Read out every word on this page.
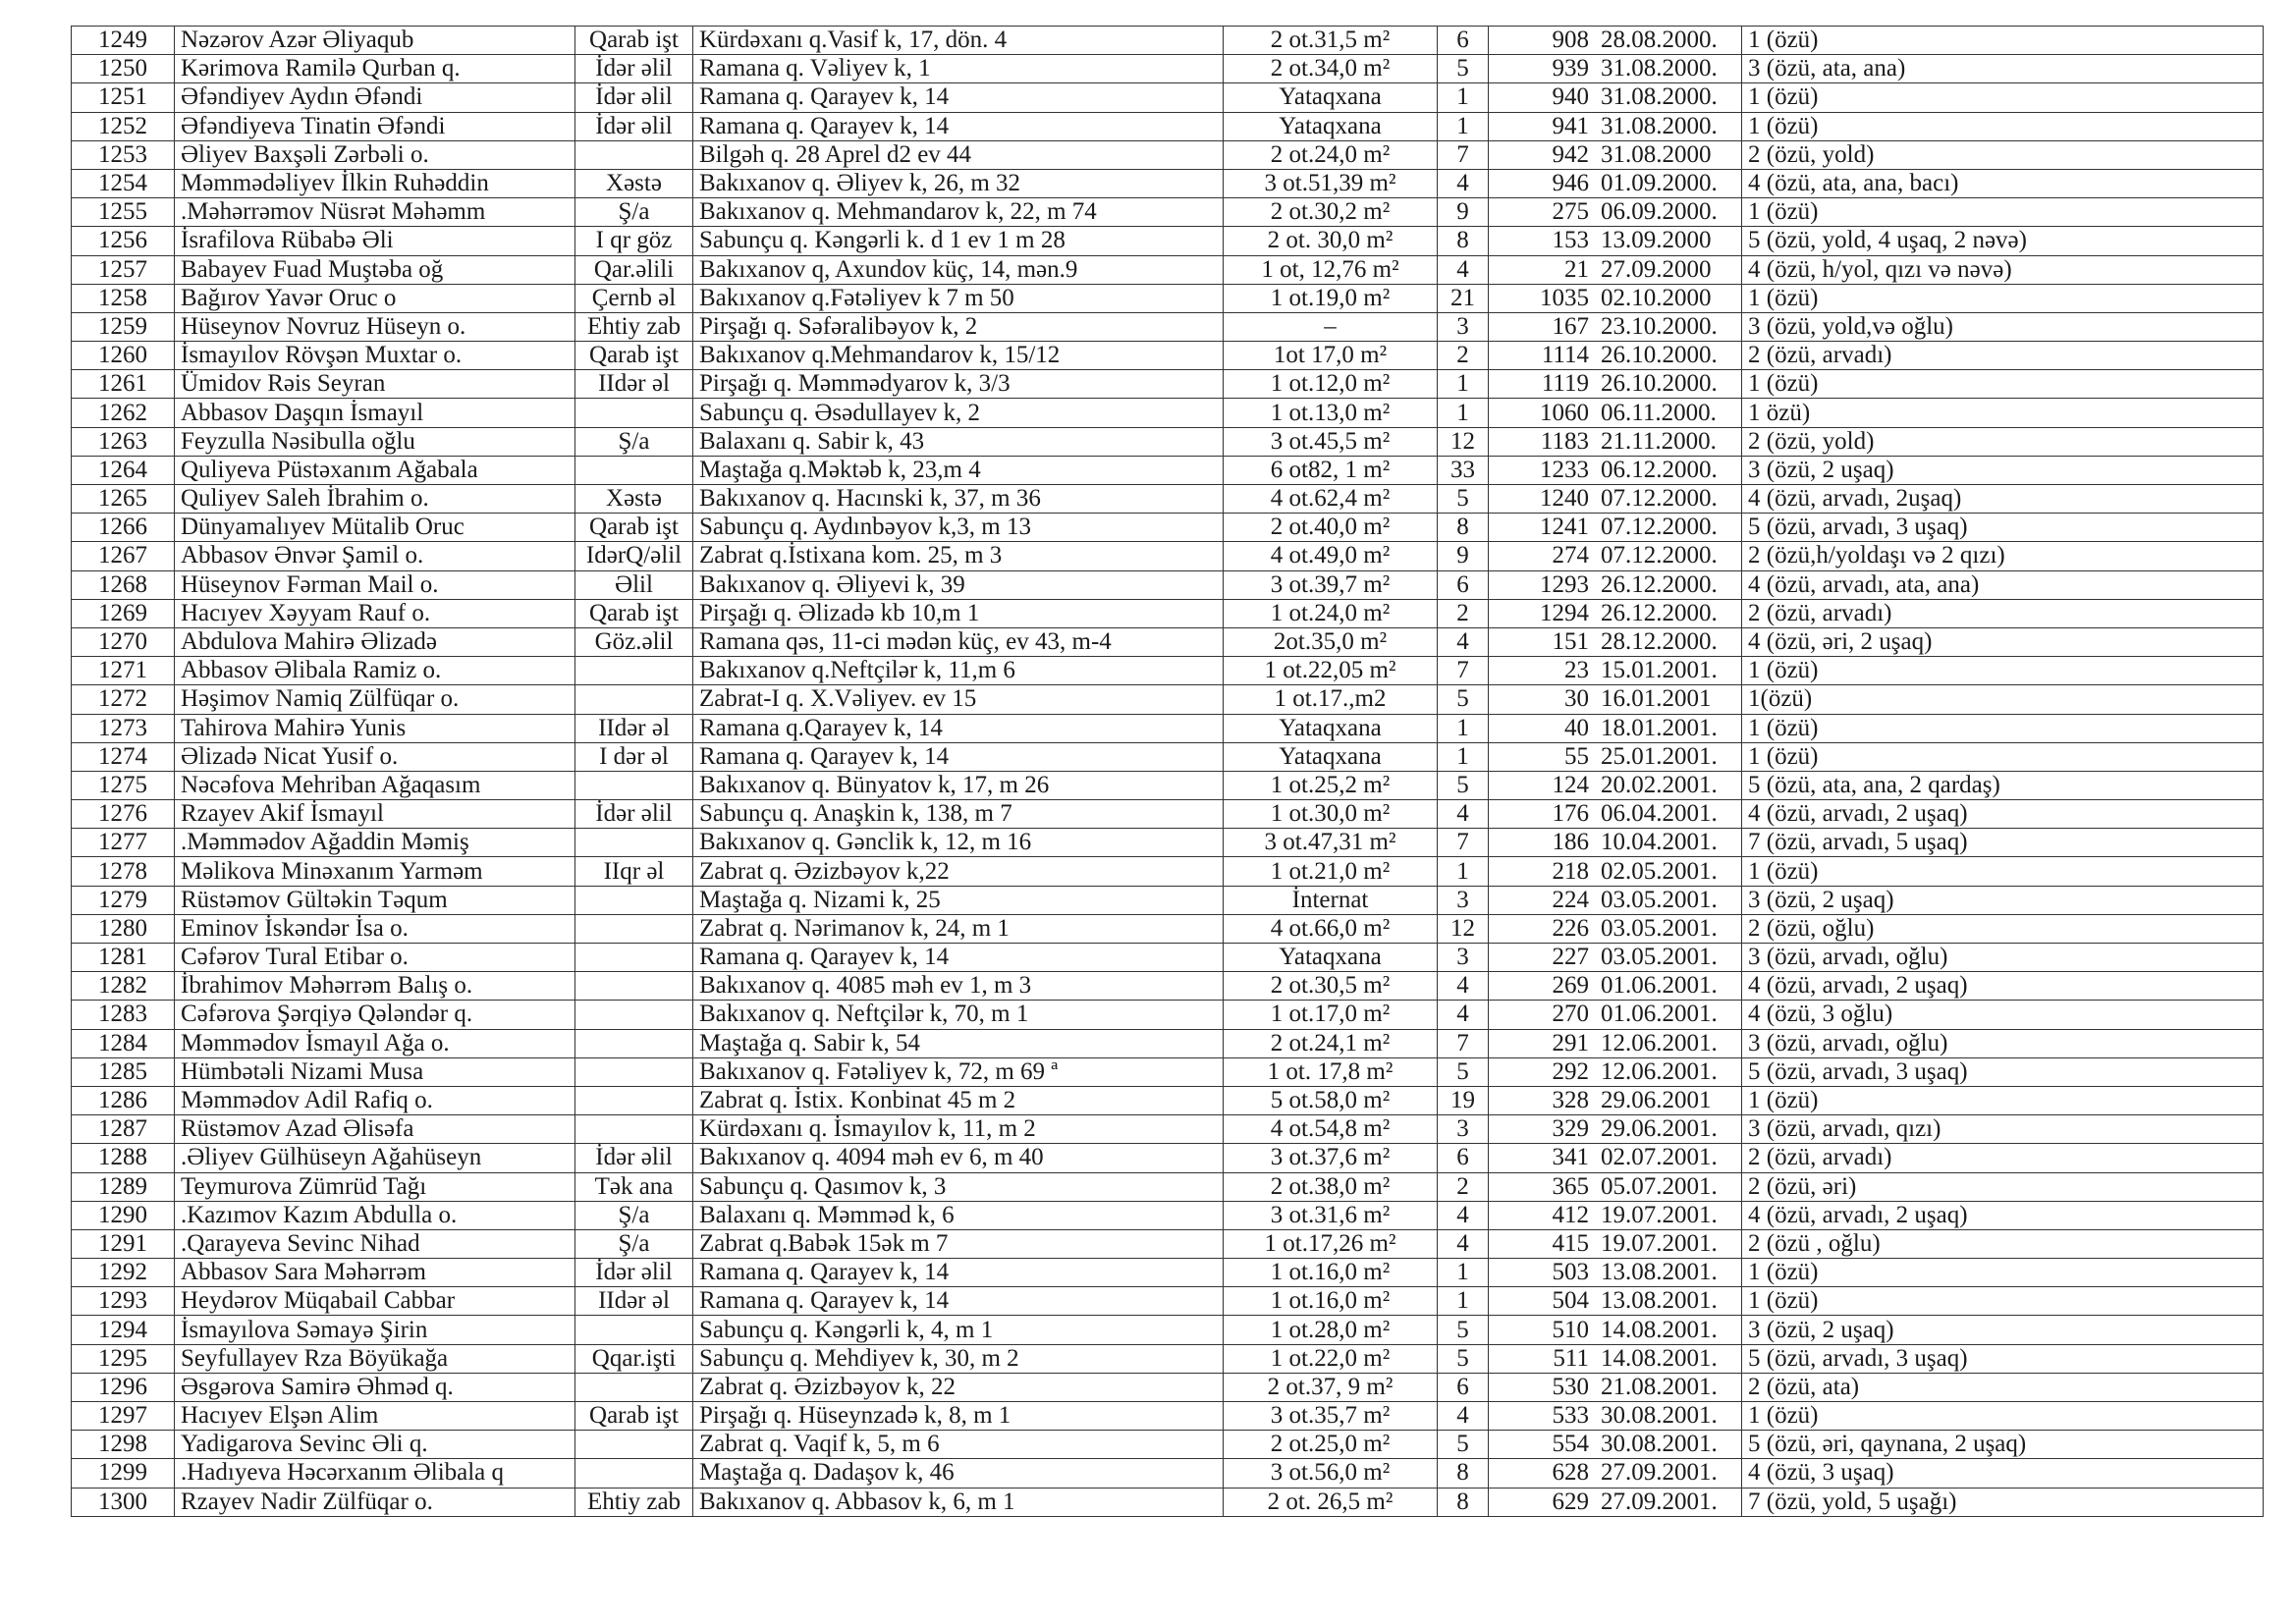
1249	Nəzərov Azər Əliyaqub	Qarab işt	Kürdəxanı q.Vasif k, 17, dön. 4	2 ot.31,5 m²	6	908 28.08.2000.	1 (özü)
1250	Kərimova Ramilə Qurban q.	İdər əlil	Ramana q. Vəliyev k, 1	2 ot.34,0 m²	5	939 31.08.2000.	3 (özü, ata, ana)
1251	Əfəndiyev Aydın Əfəndi	İdər əlil	Ramana q. Qarayev k, 14	Yataqxana	1	940 31.08.2000.	1 (özü)
1252	Əfəndiyeva Tinatin Əfəndi	İdər əlil	Ramana q. Qarayev k, 14	Yataqxana	1	941 31.08.2000.	1 (özü)
1253	Əliyev Baxşəli Zərbəli o.		Bilgəh q. 28 Aprel d2 ev 44	2 ot.24,0 m²	7	942 31.08.2000	2 (özü, yold)
1254	Məmmədəliyev İlkin Ruhəddin	Xəstə	Bakıxanov q. Əliyev k, 26, m 32	3 ot.51,39 m²	4	946 01.09.2000.	4 (özü, ata, ana, bacı)
1255	.Məhərrəmov Nüsrət Məhəmm	Ş/a	Bakıxanov q. Mehmandarov k, 22, m 74	2 ot.30,2 m²	9	275 06.09.2000.	1 (özü)
1256	İsrafilova Rübabə Əli	I qr göz	Sabunçu q. Kəngərli k. d 1 ev 1 m 28	2 ot. 30,0 m²	8	153 13.09.2000	5 (özü, yold, 4 uşaq, 2 nəvə)
1257	Babayev Fuad Muştəba oğ	Qar.əlili	Bakıxanov q, Axundov küç, 14, mən.9	1 ot, 12,76 m²	4	21 27.09.2000	4 (özü, h/yol, qızı və nəvə)
1258	Bağırov Yavər Oruc o	Çernb əl	Bakıxanov q.Fətəliyev k 7 m 50	1 ot.19,0 m²	21	1035 02.10.2000	1 (özü)
1259	Hüseynov Novruz Hüseyn o.	Ehtiy zab	Pirşağı q. Səfəralibəyov k, 2	–	3	167 23.10.2000.	3 (özü, yold,və oğlu)
1260	İsmayılov Rövşən Muxtar o.	Qarab işt	Bakıxanov q.Mehmandarov k, 15/12	1ot 17,0 m²	2	1114 26.10.2000.	2 (özü, arvadı)
1261	Ümidov Rəis Seyran	IIdər əl	Pirşağı q. Məmmədyarov k, 3/3	1 ot.12,0 m²	1	1119 26.10.2000.	1 (özü)
1262	Abbasov Daşqın İsmayıl		Sabunçu q. Əsədullayev k, 2	1 ot.13,0 m²	1	1060 06.11.2000.	1 özü)
1263	Feyzulla Nəsibulla oğlu	Ş/a	Balaxanı q. Sabir k, 43	3 ot.45,5 m²	12	1183 21.11.2000.	2 (özü, yold)
1264	Quliyeva Püstəxanım Ağabala		Maştağa q.Məktəb k, 23,m 4	6 ot82, 1 m²	33	1233 06.12.2000.	3 (özü, 2 uşaq)
1265	Quliyev Saleh İbrahim o.	Xəstə	Bakıxanov q. Hacınski k, 37, m 36	4 ot.62,4 m²	5	1240 07.12.2000.	4 (özü, arvadı, 2uşaq)
1266	Dünyamalıyev Mütalib Oruc	Qarab işt	Sabunçu q. Aydınbəyov k,3, m 13	2 ot.40,0 m²	8	1241 07.12.2000.	5 (özü, arvadı, 3 uşaq)
1267	Abbasov Ənvər Şamil o.	IdərQ/əlil	Zabrat q.İstixana kom. 25, m 3	4 ot.49,0 m²	9	274 07.12.2000.	2 (özü,h/yoldaşı və 2 qızı)
1268	Hüseynov Fərman Mail o.	Əlil	Bakıxanov q. Əliyevi k, 39	3 ot.39,7 m²	6	1293 26.12.2000.	4 (özü, arvadı, ata, ana)
1269	Hacıyev Xəyyam Rauf o.	Qarab işt	Pirşağı q. Əlizadə kb 10,m 1	1 ot.24,0 m²	2	1294 26.12.2000.	2 (özü, arvadı)
1270	Abdulova Mahirə Əlizadə	Göz.əlil	Ramana qəs, 11-ci mədən küç, ev 43, m-4	2ot.35,0 m²	4	151 28.12.2000.	4 (özü, əri, 2 uşaq)
1271	Abbasov Əlibala Ramiz o.		Bakıxanov q.Neftçilər k, 11,m 6	1 ot.22,05 m²	7	23 15.01.2001.	1 (özü)
1272	Həşimov Namiq Zülfüqar o.		Zabrat-I q. X.Vəliyev. ev 15	1 ot.17.,m2	5	30 16.01.2001	1(özü)
1273	Tahirova Mahirə Yunis	IIdər əl	Ramana q.Qarayev k, 14	Yataqxana	1	40 18.01.2001.	1 (özü)
1274	Əlizadə Nicat Yusif o.	I dər əl	Ramana q. Qarayev k, 14	Yataqxana	1	55 25.01.2001.	1 (özü)
1275	Nəcəfova Mehriban Ağaqasım		Bakıxanov q. Bünyatov k, 17, m 26	1 ot.25,2 m²	5	124 20.02.2001.	5 (özü, ata, ana, 2 qardaş)
1276	Rzayev Akif İsmayıl	İdər əlil	Sabunçu q. Anaşkin k, 138, m 7	1 ot.30,0 m²	4	176 06.04.2001.	4 (özü, arvadı, 2 uşaq)
1277	.Məmmədov Ağaddin Məmiş		Bakıxanov q. Gənclik k, 12, m 16	3 ot.47,31 m²	7	186 10.04.2001.	7 (özü, arvadı, 5 uşaq)
1278	Məlikova Minəxanım Yarməm	IIqr əl	Zabrat q. Əzizbəyov k,22	1 ot.21,0 m²	1	218 02.05.2001.	1 (özü)
1279	Rüstəmov Gültəkin Təqum		Maştağa q. Nizami k, 25	İnternat	3	224 03.05.2001.	3 (özü, 2 uşaq)
1280	Eminov İskəndər İsa o.		Zabrat q. Nərimanov k, 24, m 1	4 ot.66,0 m²	12	226 03.05.2001.	2 (özü, oğlu)
1281	Cəfərov Tural Etibar o.		Ramana q. Qarayev k, 14	Yataqxana	3	227 03.05.2001.	3 (özü, arvadı, oğlu)
1282	İbrahimov Məhərrəm Balış o.		Bakıxanov q. 4085 məh ev 1, m 3	2 ot.30,5 m²	4	269 01.06.2001.	4 (özü, arvadı, 2 uşaq)
1283	Cəfərova Şərqiyə Qələndər q.		Bakıxanov q. Neftçilər k, 70, m 1	1 ot.17,0 m²	4	270 01.06.2001.	4 (özü, 3 oğlu)
1284	Məmmədov İsmayıl Ağa o.		Maştağa q. Sabir k, 54	2 ot.24,1 m²	7	291 12.06.2001.	3 (özü, arvadı, oğlu)
1285	Hümbətəli Nizami Musa		Bakıxanov q. Fətəliyev k, 72, m 69 ª	1 ot. 17,8 m²	5	292 12.06.2001.	5 (özü, arvadı, 3 uşaq)
1286	Məmmədov Adil Rafiq o.		Zabrat q. İstix. Konbinat 45 m 2	5 ot.58,0 m²	19	328 29.06.2001	1 (özü)
1287	Rüstəmov Azad Əlisəfa		Kürdəxanı q. İsmayılov k, 11, m 2	4 ot.54,8 m²	3	329 29.06.2001.	3 (özü, arvadı, qızı)
1288	.Əliyev Gülhüseyn Ağahüseyn	İdər əlil	Bakıxanov q. 4094 məh ev 6, m 40	3 ot.37,6 m²	6	341 02.07.2001.	2 (özü, arvadı)
1289	Teymurova Zümrüd Tağı	Tək ana	Sabunçu q. Qasımov k, 3	2 ot.38,0 m²	2	365 05.07.2001.	2 (özü, əri)
1290	.Kazımov Kazım Abdulla o.	Ş/a	Balaxanı q. Məmməd k, 6	3 ot.31,6 m²	4	412 19.07.2001.	4 (özü, arvadı, 2 uşaq)
1291	.Qarayeva Sevinc Nihad	Ş/a	Zabrat q.Babək 15ək m 7	1 ot.17,26 m²	4	415 19.07.2001.	2 (özü , oğlu)
1292	Abbasov Sara Məhərrəm	İdər əlil	Ramana q. Qarayev k, 14	1 ot.16,0 m²	1	503 13.08.2001.	1 (özü)
1293	Heydərov Müqabail Cabbar	IIdər əl	Ramana q. Qarayev k, 14	1 ot.16,0 m²	1	504 13.08.2001.	1 (özü)
1294	İsmayılova Səmayə Şirin		Sabunçu q. Kəngərli k, 4, m 1	1 ot.28,0 m²	5	510 14.08.2001.	3 (özü, 2 uşaq)
1295	Seyfullayev Rza Böyükağa	Qqar.işti	Sabunçu q. Mehdiyev k, 30, m 2	1 ot.22,0 m²	5	511 14.08.2001.	5 (özü, arvadı, 3 uşaq)
1296	Əsgərova Samirə Əhməd q.		Zabrat q. Əzizbəyov k, 22	2 ot.37, 9 m²	6	530 21.08.2001.	2 (özü, ata)
1297	Hacıyev Elşən Alim	Qarab işt	Pirşağı q. Hüseynzadə k, 8, m 1	3 ot.35,7 m²	4	533 30.08.2001.	1 (özü)
1298	Yadigarova Sevinc Əli q.		Zabrat q. Vaqif k, 5, m 6	2 ot.25,0 m²	5	554 30.08.2001.	5 (özü, əri, qaynana, 2 uşaq)
1299	.Hadıyeva Həcərxanım Əlibala q		Maştağa q. Dadaşov k, 46	3 ot.56,0 m²	8	628 27.09.2001.	4 (özü, 3 uşaq)
1300	Rzayev Nadir Zülfüqar o.	Ehtiy zab	Bakıxanov q. Abbasov k, 6, m 1	2 ot. 26,5 m²	8	629 27.09.2001.	7 (özü, yold, 5 uşağı)
